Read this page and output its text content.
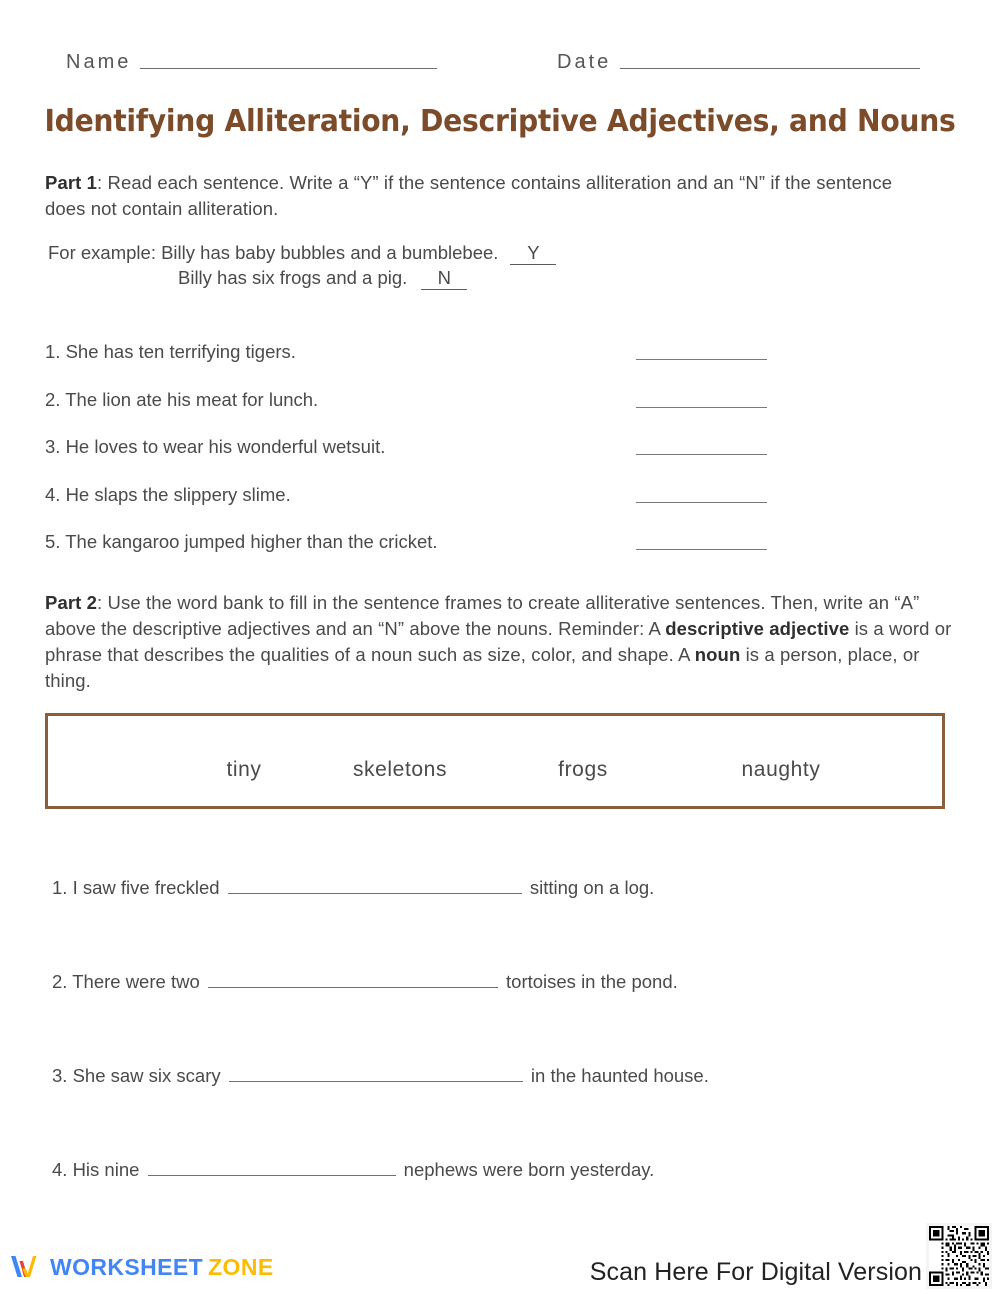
Name	Date
Identifying Alliteration, Descriptive Adjectives, and Nouns
Part 1: Read each sentence. Write a “Y” if the sentence contains alliteration and an “N” if the sentence does not contain alliteration.
For example: Billy has baby bubbles and a bumblebee. Y
Billy has six frogs and a pig. N
1. She has ten terrifying tigers.
2. The lion ate his meat for lunch.
3. He loves to wear his wonderful wetsuit.
4. He slaps the slippery slime.
5. The kangaroo jumped higher than the cricket.
Part 2: Use the word bank to fill in the sentence frames to create alliterative sentences. Then, write an “A” above the descriptive adjectives and an “N” above the nouns. Reminder: A descriptive adjective is a word or phrase that describes the qualities of a noun such as size, color, and shape. A noun is a person, place, or thing.
tiny	skeletons	frogs	naughty
1. I saw five freckled	sitting on a log.
2. There were two	tortoises in the pond.
3. She saw six scary	in the haunted house.
4. His nine	nephews were born yesterday.
WORKSHEET ZONE	Scan Here For Digital Version
